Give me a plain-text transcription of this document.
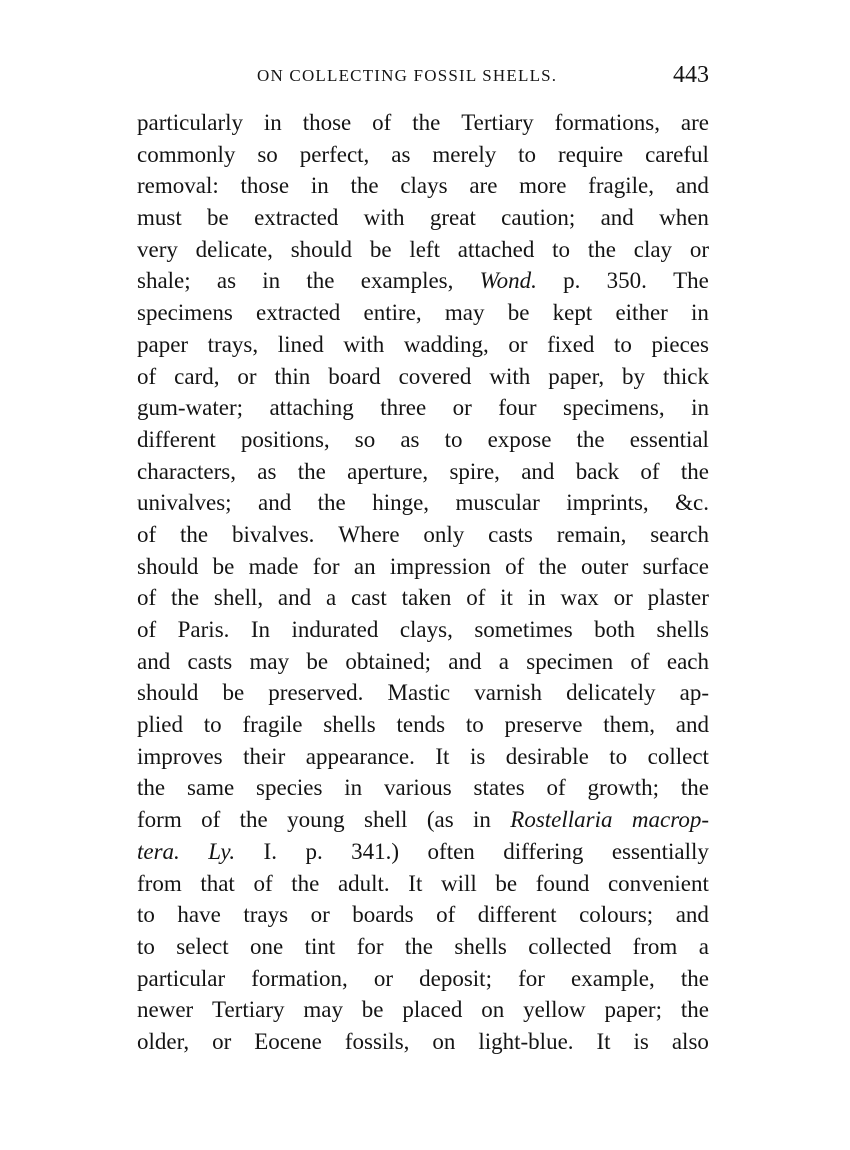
ON COLLECTING FOSSIL SHELLS.	443
particularly in those of the Tertiary formations, are
commonly so perfect, as merely to require careful
removal: those in the clays are more fragile, and
must be extracted with great caution; and when
very delicate, should be left attached to the clay or
shale; as in the examples, Wond. p. 350. The
specimens extracted entire, may be kept either in
paper trays, lined with wadding, or fixed to pieces
of card, or thin board covered with paper, by thick
gum-water; attaching three or four specimens, in
different positions, so as to expose the essential
characters, as the aperture, spire, and back of the
univalves; and the hinge, muscular imprints, &c.
of the bivalves. Where only casts remain, search
should be made for an impression of the outer surface
of the shell, and a cast taken of it in wax or plaster
of Paris. In indurated clays, sometimes both shells
and casts may be obtained; and a specimen of each
should be preserved. Mastic varnish delicately ap-
plied to fragile shells tends to preserve them, and
improves their appearance. It is desirable to collect
the same species in various states of growth; the
form of the young shell (as in Rostellaria macrop-
tera. Ly. I. p. 341.) often differing essentially
from that of the adult. It will be found convenient
to have trays or boards of different colours; and
to select one tint for the shells collected from a
particular formation, or deposit; for example, the
newer Tertiary may be placed on yellow paper; the
older, or Eocene fossils, on light-blue. It is also
